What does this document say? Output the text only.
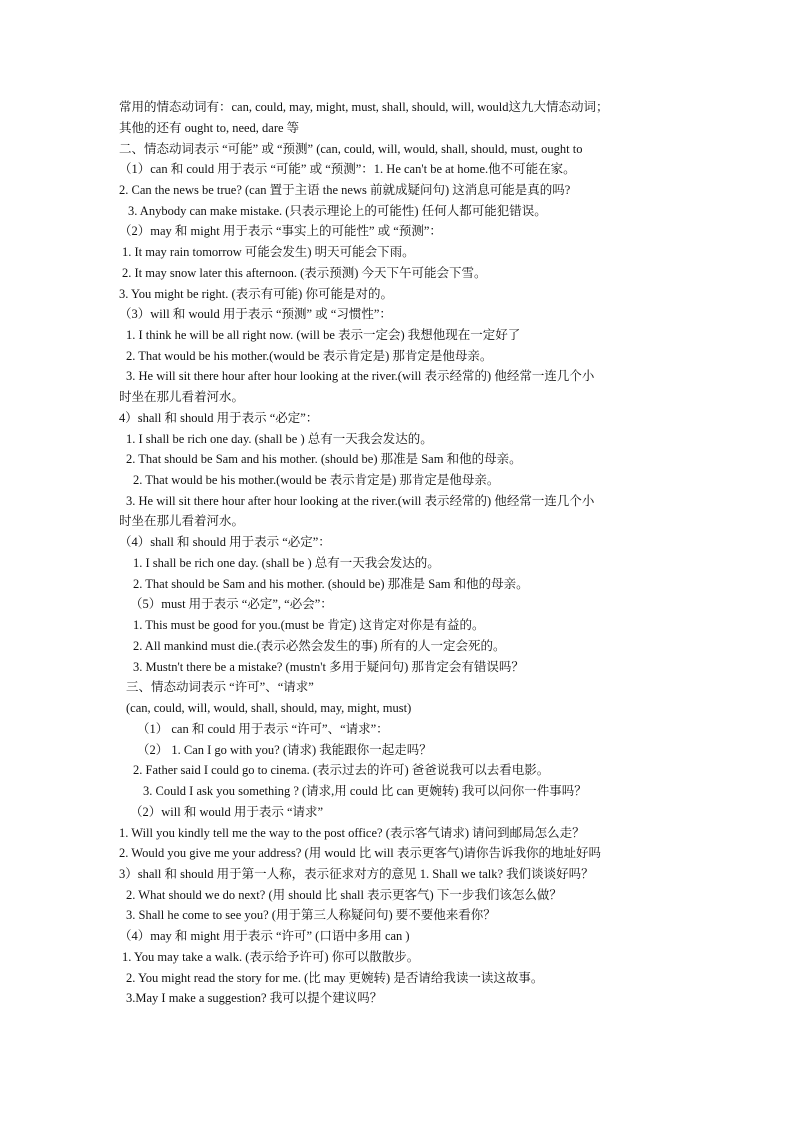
常用的情态动词有：can, could, may, might, must, shall, should, will, would这九大情态动词；
其他的还有 ought to, need, dare 等
二、情态动词表示 “可能” 或 “预测” (can, could, will, would, shall, should, must, ought to
（1）can 和 could 用于表示 “可能” 或 “预测”：1. He can't be at home.他不可能在家。
2. Can the news be true? (can 置于主语 the news 前就成疑问句) 这消息可能是真的吗?
3. Anybody can make mistake. (只表示理论上的可能性) 任何人都可能犯错误。
（2）may 和 might 用于表示 “事实上的可能性” 或 “预测”：
1. It may rain tomorrow 可能会发生) 明天可能会下雨。
2. It may snow later this afternoon. (表示预测) 今天下午可能会下雪。
3. You might be right. (表示有可能) 你可能是对的。
（3）will 和 would 用于表示 “预测” 或 “习惯性”：
1. I think he will be all right now. (will be 表示一定会) 我想他现在一定好了
2. That would be his mother.(would be 表示肯定是) 那肯定是他母亲。
3. He will sit there hour after hour looking at the river.(will 表示经常的) 他经常一连几个小
时坐在那儿看着河水。
4）shall 和 should 用于表示 “必定”：
1. I shall be rich one day. (shall be ) 总有一天我会发达的。
2. That should be Sam and his mother. (should be) 那准是 Sam 和他的母亲。
2. That would be his mother.(would be 表示肯定是) 那肯定是他母亲。
3. He will sit there hour after hour looking at the river.(will 表示经常的) 他经常一连几个小
时坐在那儿看着河水。
（4）shall 和 should 用于表示 “必定”：
1. I shall be rich one day. (shall be ) 总有一天我会发达的。
2. That should be Sam and his mother. (should be) 那准是 Sam 和他的母亲。
（5）must 用于表示 “必定”, “必会”：
1. This must be good for you.(must be 肯定) 这肯定对你是有益的。
2. All mankind must die.(表示必然会发生的事) 所有的人一定会死的。
3. Mustn't there be a mistake? (mustn't 多用于疑问句) 那肯定会有错误吗？
三、情态动词表示 “许可”、“请求”
(can, could, will, would, shall, should, may, might, must)
（1） can 和 could 用于表示 “许可”、“请求”：
（2） 1. Can I go with you? (请求) 我能跟你一起走吗？
2. Father said I could go to cinema. (表示过去的许可) 爸爸说我可以去看电影。
3. Could I ask you something ? (请求,用 could 比 can 更婉转) 我可以问你一件事吗？
（2）will 和 would 用于表示 “请求”
1. Will you kindly tell me the way to the post office? (表示客气请求) 请问到邮局怎么走？
2. Would you give me your address? (用 would 比 will 表示更客气)请你告诉我你的地址好吗
3）shall 和 should 用于第一人称，表示征求对方的意见 1. Shall we talk? 我们谈谈好吗？
2. What should we do next? (用 should 比 shall 表示更客气) 下一步我们该怎么做？
3. Shall he come to see you? (用于第三人称疑问句) 要不要他来看你？
（4）may 和 might 用于表示 “许可” (口语中多用 can )
1. You may take a walk. (表示给予许可) 你可以散散步。
2. You might read the story for me. (比 may 更婉转) 是否请给我读一读这故事。
3.May I make a suggestion? 我可以提个建议吗？
